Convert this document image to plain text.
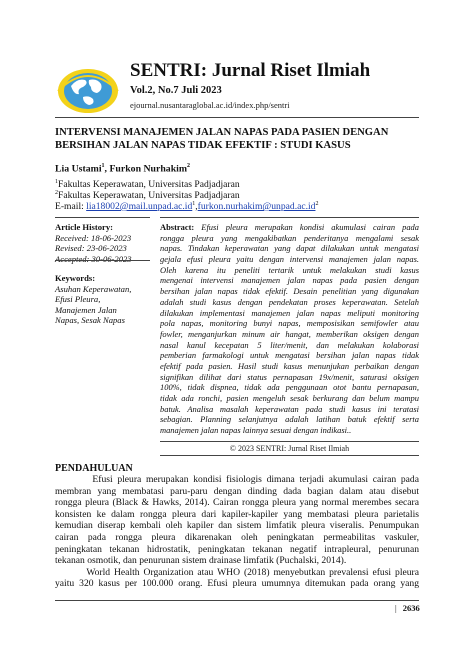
SENTRI: Jurnal Riset Ilmiah
Vol.2, No.7 Juli 2023
ejournal.nusantaraglobal.ac.id/index.php/sentri
INTERVENSI MANAJEMEN JALAN NAPAS PADA PASIEN DENGAN
BERSIHAN JALAN NAPAS TIDAK EFEKTIF : STUDI KASUS
Lia Ustami$^1$, Furkon Nurhakim$^2$
$^1$Fakultas Keperawatan, Universitas Padjadjaran
$^2$Fakultas Keperawatan, Universitas Padjadjaran
E-mail: $lia18002@mail.unpad.ac.id^1,furkon.nurhakim@unpad.ac.id^2$
Article History:
Received: 18-06-2023
Revised: 23-06-2023
Accepted: 30-06-2023
Keywords:
Asuhan Keperawatan,
Efusi Pleura,
Manajemen Jalan
Napas, Sesak Napas
Abstract: Efusi pleura merupakan kondisi akumulasi cairan pada
rongga pleura yang mengakibatkan penderitanya mengalami sesak
napas. Tindakan keperawatan yang dapat dilakukan untuk mengatasi
gejala efusi pleura yaitu dengan intervensi manajemen jalan napas.
Oleh karena itu peneliti tertarik untuk melakukan studi kasus
mengenai intervensi manajemen jalan napas pada pasien dengan
bersihan jalan napas tidak efektif. Desain penelitian yang digunakan
adalah studi kasus dengan pendekatan proses keperawatan. Setelah
dilakukan implementasi manajemen jalan napas meliputi monitoring
pola napas, monitoring bunyi napas, memposisikan semifowler atau
fowler, menganjurkan minum air hangat, memberikan oksigen dengan
nasal kanul kecepatan 5 liter/menit, dan melakukan kolaborasi
pemberian farmakologi untuk mengatasi bersihan jalan napas tidak
efektif pada pasien. Hasil studi kasus menunjukan perbaikan dengan
signifikan dilihat dari status pernapasan 19x/menit, saturasi oksigen
100%, tidak dispnea, tidak ada penggunaan otot bantu pernapasan,
tidak ada ronchi, pasien mengeluh sesak berkurang dan belum mampu
batuk. Analisa masalah keperawatan pada studi kasus ini teratasi
sebagian. Planning selanjutnya adalah latihan batuk efektif serta
manajemen jalan napas lainnya sesuai dengan indikasi..
© 2023 SENTRI: Jurnal Riset Ilmiah
PENDAHULUAN
Efusi pleura merupakan kondisi fisiologis dimana terjadi akumulasi cairan pada
membran yang membatasi paru-paru dengan dinding dada bagian dalam atau disebut
rongga pleura (Black & Hawks, 2014). Cairan rongga pleura yang normal merembes secara
konsisten ke dalam rongga pleura dari kapiler-kapiler yang membatasi pleura parietalis
kemudian diserap kembali oleh kapiler dan sistem limfatik pleura viseralis. Penumpukan
cairan pada rongga pleura dikarenakan oleh peningkatan permeabilitas vaskuler,
peningkatan tekanan hidrostatik, peningkatan tekanan negatif intrapleural, penurunan
tekanan osmotik, dan penurunan sistem drainase limfatik (Puchalski, 2014).
World Health Organization atau WHO (2018) menyebutkan prevalensi efusi pleura
yaitu 320 kasus per 100.000 orang. Efusi pleura umumnya ditemukan pada orang yang
| 2636
